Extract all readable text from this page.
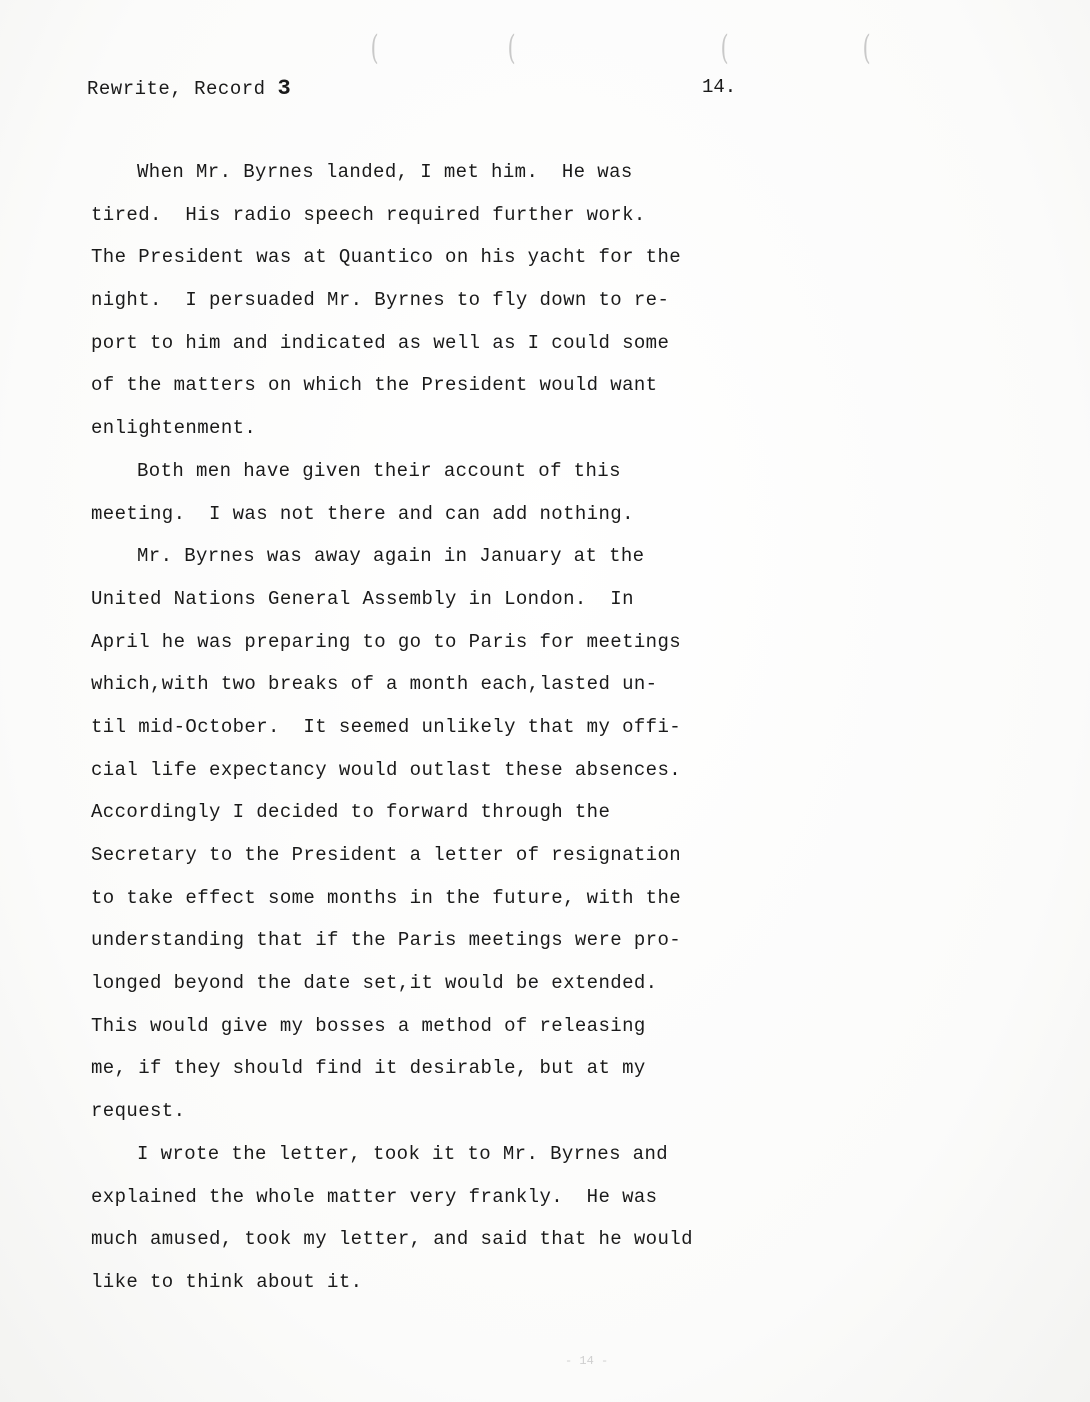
(	(	(	(
Rewrite, Record 3	14.
When Mr. Byrnes landed, I met him.  He was
tired.  His radio speech required further work.
The President was at Quantico on his yacht for the
night.  I persuaded Mr. Byrnes to fly down to re-
port to him and indicated as well as I could some
of the matters on which the President would want
enlightenment.
Both men have given their account of this
meeting.  I was not there and can add nothing.
Mr. Byrnes was away again in January at the
United Nations General Assembly in London.  In
April he was preparing to go to Paris for meetings
which,with two breaks of a month each,lasted un-
til mid-October.  It seemed unlikely that my offi-
cial life expectancy would outlast these absences.
Accordingly I decided to forward through the
Secretary to the President a letter of resignation
to take effect some months in the future, with the
understanding that if the Paris meetings were pro-
longed beyond the date set,it would be extended.
This would give my bosses a method of releasing
me, if they should find it desirable, but at my
request.
I wrote the letter, took it to Mr. Byrnes and
explained the whole matter very frankly.  He was
much amused, took my letter, and said that he would
like to think about it.
- 14 -
